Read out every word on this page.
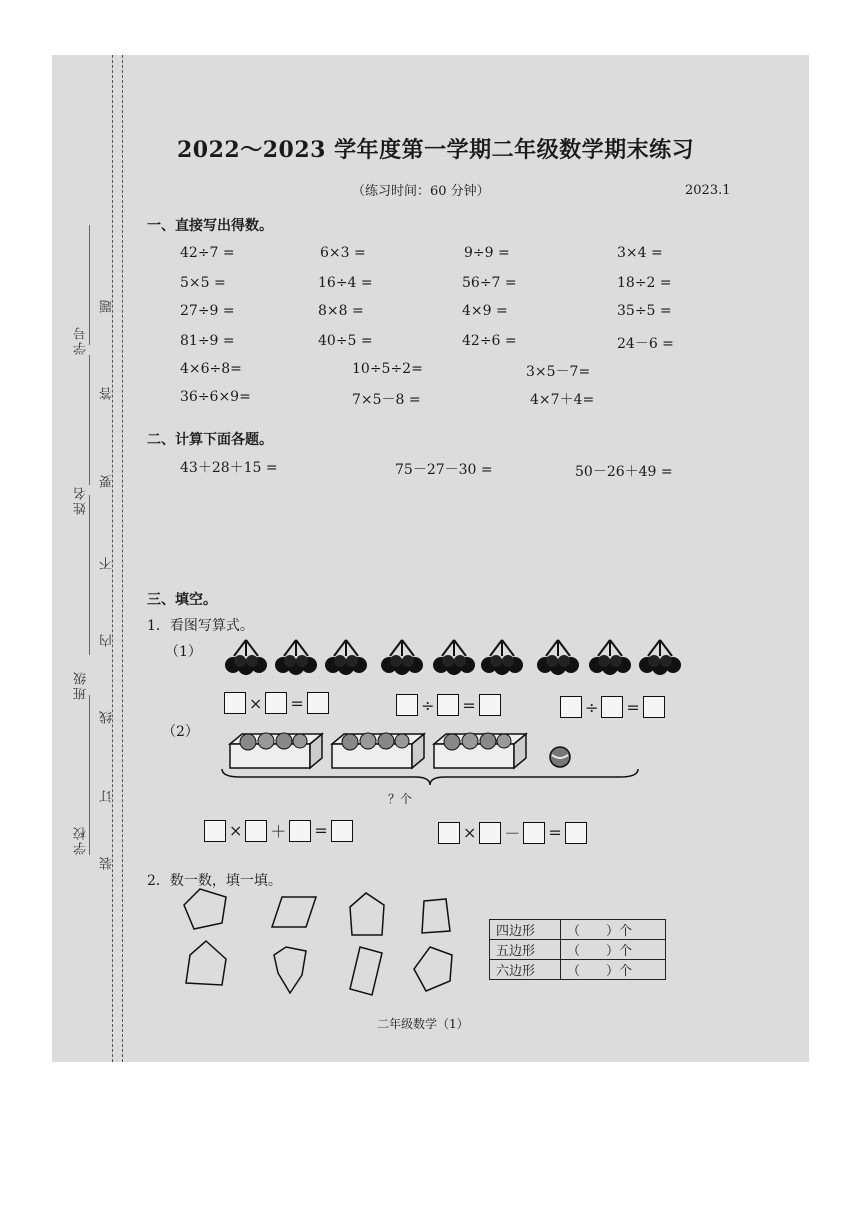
学校
班级
姓名
学号
装
订
线
内
不
要
答
题
2022～2023 学年度第一学期二年级数学期末练习
（练习时间：60 分钟）	2023.1
一、直接写出得数。
42÷7 =	6×3 =	9÷9 =	3×4 =
5×5 =	16÷4 =	56÷7 =	18÷2 =
27÷9 =	8×8 =	4×9 =	35÷5 =
81÷9 =	40÷5 =	42÷6 =	24－6 =
4×6÷8=	10÷5÷2=	3×5－7=
36÷6×9=	7×5－8 =	4×7＋4=
二、计算下面各题。
43＋28＋15 =	75－27－30 =	50－26＋49 =
三、填空。
1．看图写算式。
（1）
× =	÷ =	÷ =
（2）
？个
× ＋ =	× － =
2．数一数，填一填。
四边形	（　　）个
五边形	（　　）个
六边形	（　　）个
二年级数学（1）
